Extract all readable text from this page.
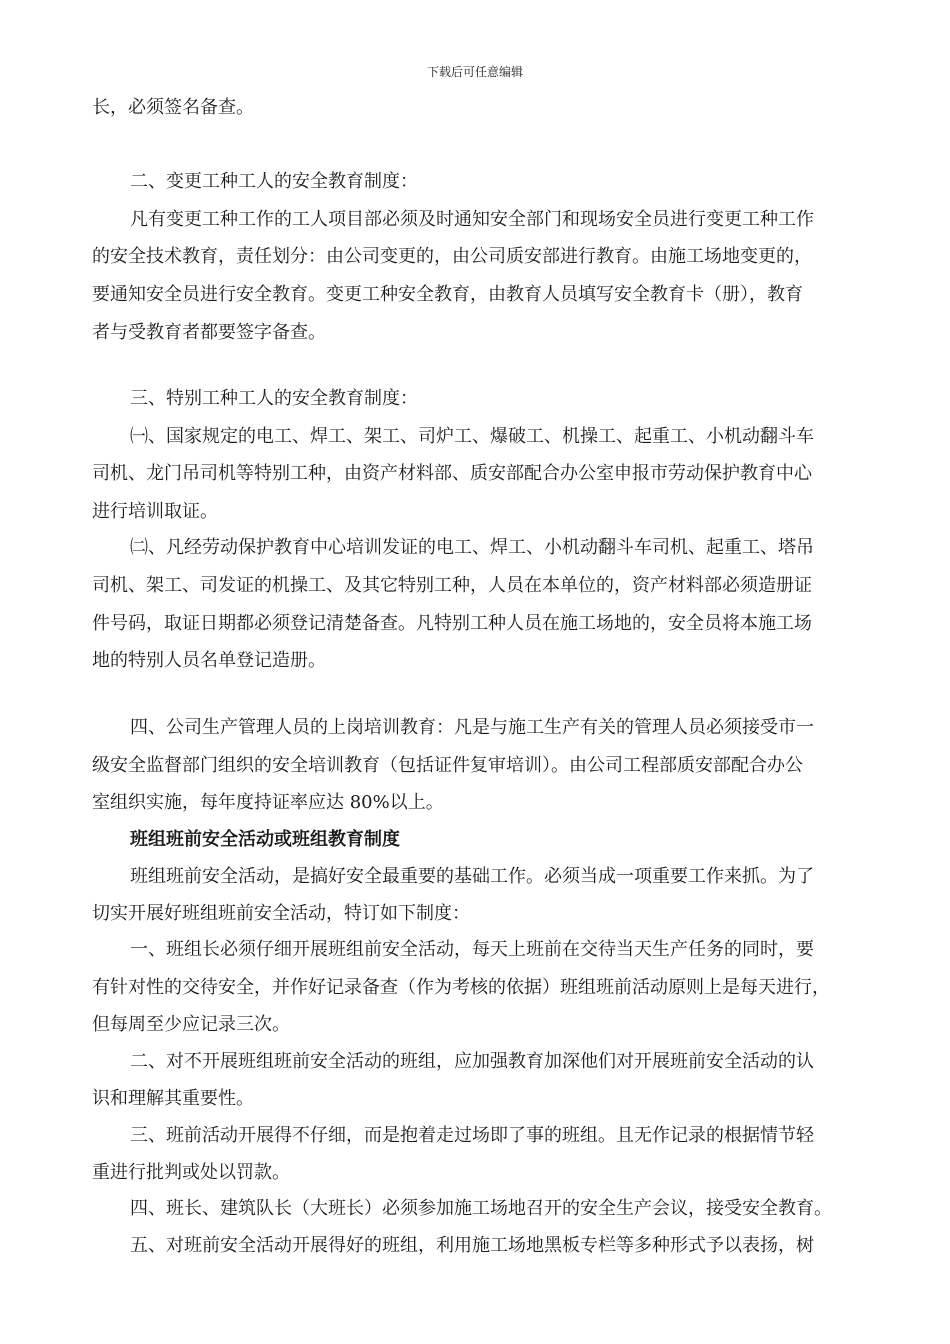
下载后可任意编辑
长，必须签名备查。
二、变更工种工人的安全教育制度：
凡有变更工种工作的工人项目部必须及时通知安全部门和现场安全员进行变更工种工作
的安全技术教育，责任划分：由公司变更的，由公司质安部进行教育。由施工场地变更的，
要通知安全员进行安全教育。变更工种安全教育，由教育人员填写安全教育卡（册），教育
者与受教育者都要签字备查。
三、特别工种工人的安全教育制度：
㈠、国家规定的电工、焊工、架工、司炉工、爆破工、机操工、起重工、小机动翻斗车
司机、龙门吊司机等特别工种，由资产材料部、质安部配合办公室申报市劳动保护教育中心
进行培训取证。
㈡、凡经劳动保护教育中心培训发证的电工、焊工、小机动翻斗车司机、起重工、塔吊
司机、架工、司发证的机操工、及其它特别工种，人员在本单位的，资产材料部必须造册证
件号码，取证日期都必须登记清楚备查。凡特别工种人员在施工场地的，安全员将本施工场
地的特别人员名单登记造册。
四、公司生产管理人员的上岗培训教育：凡是与施工生产有关的管理人员必须接受市一
级安全监督部门组织的安全培训教育（包括证件复审培训）。由公司工程部质安部配合办公
室组织实施，每年度持证率应达 80%以上。
班组班前安全活动或班组教育制度
班组班前安全活动，是搞好安全最重要的基础工作。必须当成一项重要工作来抓。为了
切实开展好班组班前安全活动，特订如下制度：
一、班组长必须仔细开展班组前安全活动，每天上班前在交待当天生产任务的同时，要
有针对性的交待安全，并作好记录备查（作为考核的依据）班组班前活动原则上是每天进行，
但每周至少应记录三次。
二、对不开展班组班前安全活动的班组，应加强教育加深他们对开展班前安全活动的认
识和理解其重要性。
三、班前活动开展得不仔细，而是抱着走过场即了事的班组。且无作记录的根据情节轻
重进行批判或处以罚款。
四、班长、建筑队长（大班长）必须参加施工场地召开的安全生产会议，接受安全教育。
五、对班前安全活动开展得好的班组，利用施工场地黑板专栏等多种形式予以表扬，树
